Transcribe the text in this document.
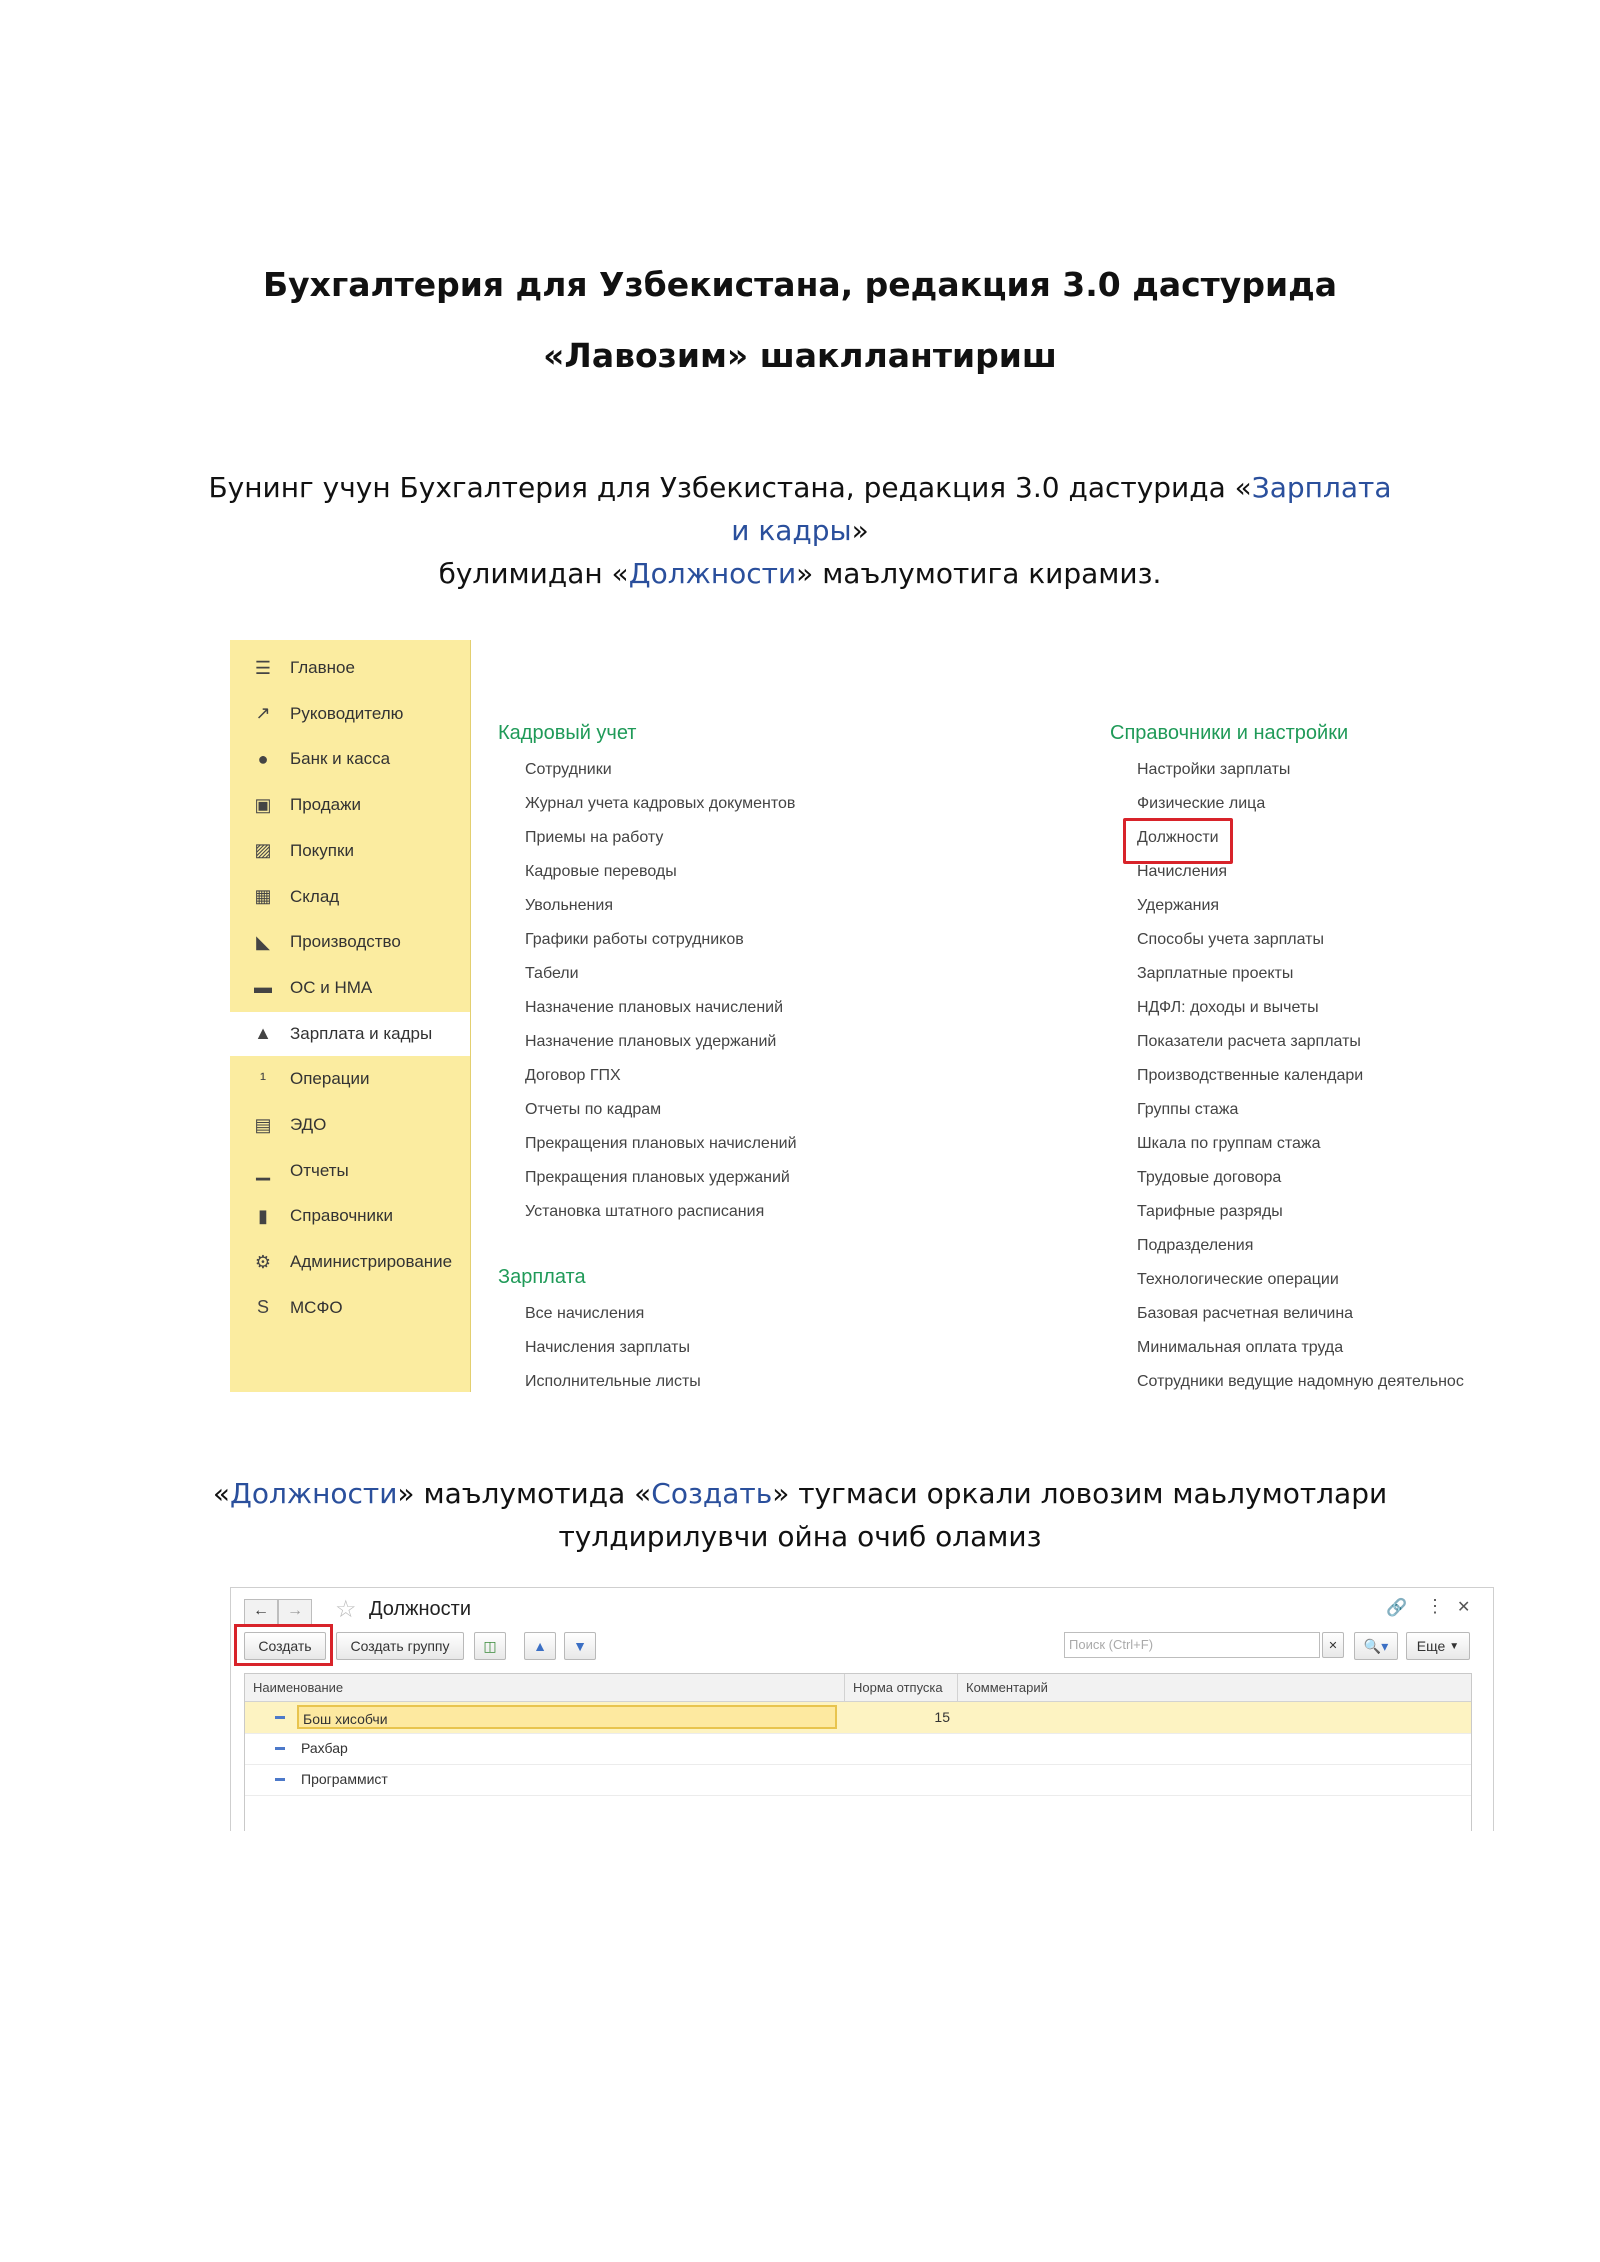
Бухгалтерия для Узбекистана, редакция 3.0 дастурида
«Лавозим» шакллантириш
Бунинг учун Бухгалтерия для Узбекистана, редакция 3.0 дастурида «Зарплата и кадры»
булимидан «Должности» маълумотига кирамиз.
☰	Главное
↗	Руководителю
●	Банк и касса
▣	Продажи
▨	Покупки
▦	Склад
◣	Производство
▬	ОС и НМА
▲	Зарплата и кадры
¹	Операции
▤	ЭДО
▁	Отчеты
▮	Справочники
⚙	Администрирование
S	МСФО
Кадровый учет
Зарплата
Справочники и настройки
Сотрудники
Журнал учета кадровых документов
Приемы на работу
Кадровые переводы
Увольнения
Графики работы сотрудников
Табели
Назначение плановых начислений
Назначение плановых удержаний
Договор ГПХ
Отчеты по кадрам
Прекращения плановых начислений
Прекращения плановых удержаний
Установка штатного расписания
Все начисления
Начисления зарплаты
Исполнительные листы
Настройки зарплаты
Физические лица
Должности
Начисления
Удержания
Способы учета зарплаты
Зарплатные проекты
НДФЛ: доходы и вычеты
Показатели расчета зарплаты
Производственные календари
Группы стажа
Шкала по группам стажа
Трудовые договора
Тарифные разряды
Подразделения
Технологические операции
Базовая расчетная величина
Минимальная оплата труда
Сотрудники ведущие надомную деятельнос
«Должности» маълумотида «Создать» тугмаси оркали ловозим маьлумотлари
тулдирилувчи ойна очиб оламиз
←	→	☆ Должности	🔗 ⋮ ✕
Создать	Создать группу	◫	▲ ▼	Поиск (Ctrl+F)	✕ 🔍▾ Еще ▼
Наименование	Норма отпуска	Комментарий
Бош хисобчи	15
Рахбар
Программист
